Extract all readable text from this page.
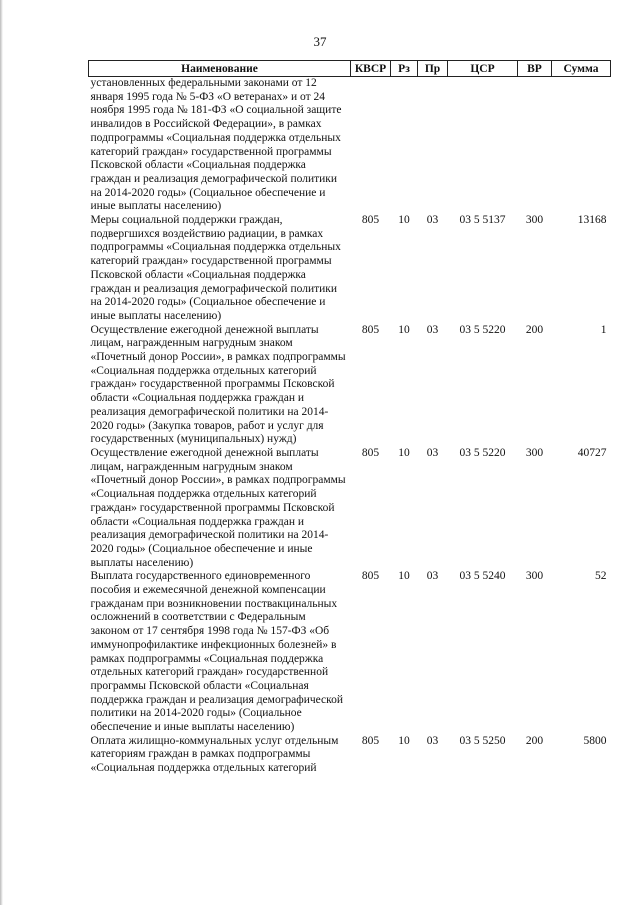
37
Наименование	КВСР	Рз	Пр	ЦСР	ВР	Сумма

установленных федеральными законами от 12 января 1995 года № 5-ФЗ «О ветеранах» и от 24 ноября 1995 года № 181-ФЗ «О социальной защите инвалидов в Российской Федерации», в рамках подпрограммы «Социальная поддержка отдельных категорий граждан» государственной программы Псковской области «Социальная поддержка граждан и реализация демографической политики на 2014-2020 годы» (Социальное обеспечение и иные выплаты населению)						

Меры социальной поддержки граждан, подвергшихся воздействию радиации, в рамках подпрограммы «Социальная поддержка отдельных категорий граждан» государственной программы Псковской области «Социальная поддержка граждан и реализация демографической политики на 2014-2020 годы» (Социальное обеспечение и иные выплаты населению)	805	10	03	03 5 5137	300	13168

Осуществление ежегодной денежной выплаты лицам, награжденным нагрудным знаком «Почетный донор России», в рамках подпрограммы «Социальная поддержка отдельных категорий граждан» государственной программы Псковской области «Социальная поддержка граждан и реализация демографической политики на 2014-2020 годы» (Закупка товаров, работ и услуг для государственных (муниципальных) нужд)	805	10	03	03 5 5220	200	1

Осуществление ежегодной денежной выплаты лицам, награжденным нагрудным знаком «Почетный донор России», в рамках подпрограммы «Социальная поддержка отдельных категорий граждан» государственной программы Псковской области «Социальная поддержка граждан и реализация демографической политики на 2014-2020 годы» (Социальное обеспечение и иные выплаты населению)	805	10	03	03 5 5220	300	40727

Выплата государственного единовременного пособия и ежемесячной денежной компенсации гражданам при возникновении поствакцинальных осложнений в соответствии с Федеральным законом от 17 сентября 1998 года № 157-ФЗ «Об иммунопрофилактике инфекционных болезней» в рамках подпрограммы «Социальная поддержка отдельных категорий граждан» государственной программы Псковской области «Социальная поддержка граждан и реализация демографической политики на 2014-2020 годы» (Социальное обеспечение и иные выплаты населению)	805	10	03	03 5 5240	300	52

Оплата жилищно-коммунальных услуг отдельным категориям граждан в рамках подпрограммы «Социальная поддержка отдельных категорий	805	10	03	03 5 5250	200	5800
